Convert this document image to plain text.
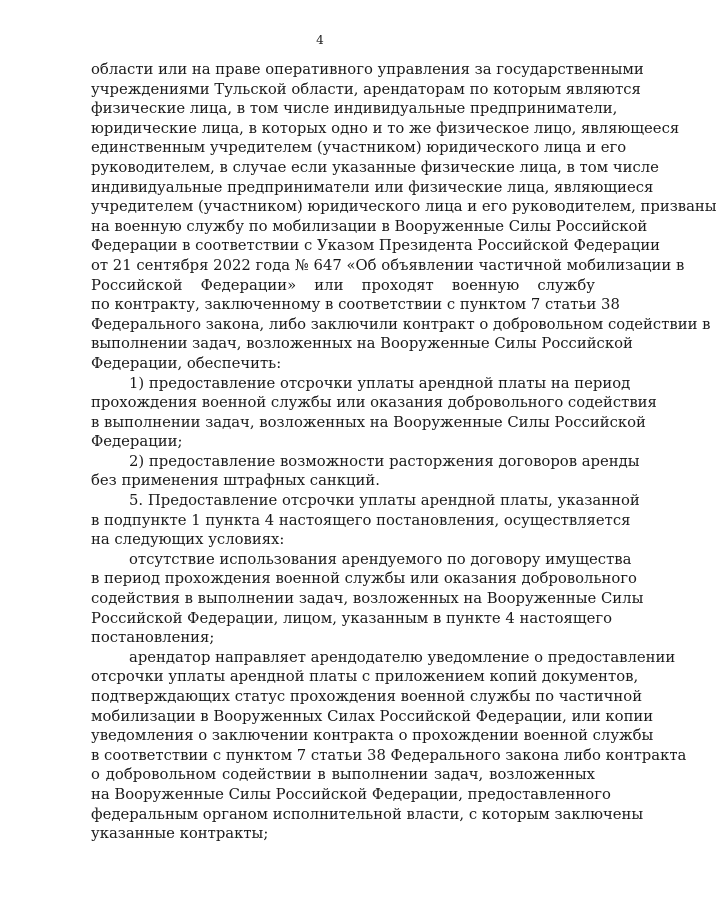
4
области или на праве оперативного управления за государственными
учреждениями Тульской области, арендаторам по которым являются
физические лица, в том числе индивидуальные предприниматели,
юридические лица, в которых одно и то же физическое лицо, являющееся
единственным учредителем (участником) юридического лица и его
руководителем, в случае если указанные физические лица, в том числе
индивидуальные предприниматели или физические лица, являющиеся
учредителем (участником) юридического лица и его руководителем, призваны
на военную службу по мобилизации в Вооруженные Силы Российской
Федерации в соответствии с Указом Президента Российской Федерации
от 21 сентября 2022 года № 647 «Об объявлении частичной мобилизации в
Российской Федерации» или проходят военную службу
по контракту, заключенному в соответствии с пунктом 7 статьи 38
Федерального закона, либо заключили контракт о добровольном содействии в
выполнении задач, возложенных на Вооруженные Силы Российской
Федерации, обеспечить:
1) предоставление отсрочки уплаты арендной платы на период
прохождения военной службы или оказания добровольного содействия
в выполнении задач, возложенных на Вооруженные Силы Российской
Федерации;
2) предоставление возможности расторжения договоров аренды
без применения штрафных санкций.
5. Предоставление отсрочки уплаты арендной платы, указанной
в подпункте 1 пункта 4 настоящего постановления, осуществляется
на следующих условиях:
отсутствие использования арендуемого по договору имущества
в период прохождения военной службы или оказания добровольного
содействия в выполнении задач, возложенных на Вооруженные Силы
Российской Федерации, лицом, указанным в пункте 4 настоящего
постановления;
арендатор направляет арендодателю уведомление о предоставлении
отсрочки уплаты арендной платы с приложением копий документов,
подтверждающих статус прохождения военной службы по частичной
мобилизации в Вооруженных Силах Российской Федерации, или копии
уведомления о заключении контракта о прохождении военной службы
в соответствии с пунктом 7 статьи 38 Федерального закона либо контракта
о добровольном содействии в выполнении задач, возложенных
на Вооруженные Силы Российской Федерации, предоставленного
федеральным органом исполнительной власти, с которым заключены
указанные контракты;
